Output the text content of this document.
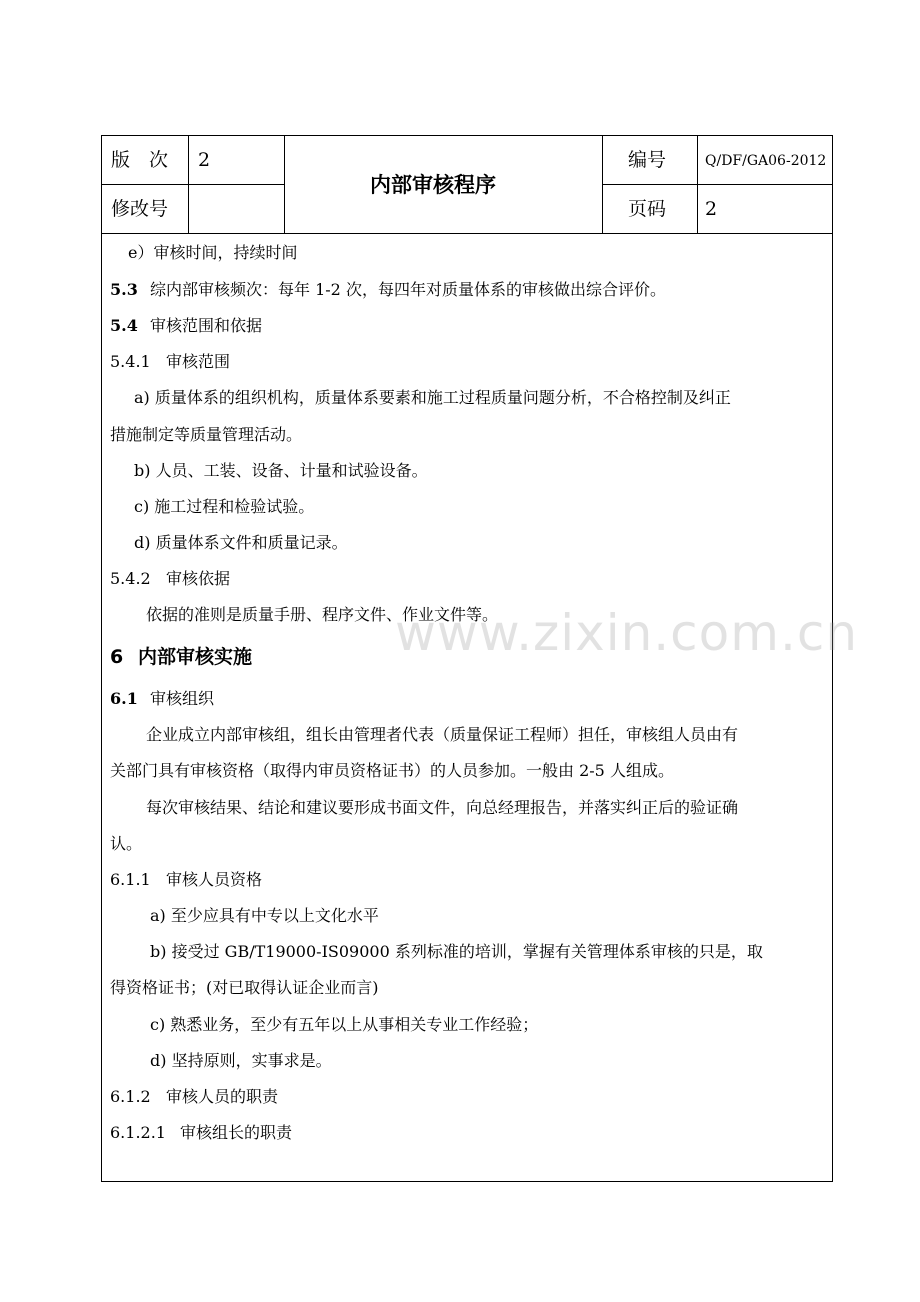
版　次 2
修改号
内部审核程序
编号	Q/DF/GA06-2012
页码 2
www.zixin.com.cn
e）审核时间，持续时间
5.3 综内部审核频次：每年 1-2 次，每四年对质量体系的审核做出综合评价。
5.4 审核范围和依据
5.4.1 审核范围
a) 质量体系的组织机构，质量体系要素和施工过程质量问题分析，不合格控制及纠正
措施制定等质量管理活动。
b) 人员、工装、设备、计量和试验设备。
c) 施工过程和检验试验。
d) 质量体系文件和质量记录。
5.4.2 审核依据
依据的准则是质量手册、程序文件、作业文件等。
6 内部审核实施
6.1 审核组织
企业成立内部审核组，组长由管理者代表（质量保证工程师）担任，审核组人员由有
关部门具有审核资格（取得内审员资格证书）的人员参加。一般由 2-5 人组成。
每次审核结果、结论和建议要形成书面文件，向总经理报告，并落实纠正后的验证确
认。
6.1.1 审核人员资格
a) 至少应具有中专以上文化水平
b) 接受过 GB/T19000-IS09000 系列标准的培训，掌握有关管理体系审核的只是，取
得资格证书；(对已取得认证企业而言)
c) 熟悉业务，至少有五年以上从事相关专业工作经验；
d) 坚持原则，实事求是。
6.1.2 审核人员的职责
6.1.2.1 审核组长的职责
